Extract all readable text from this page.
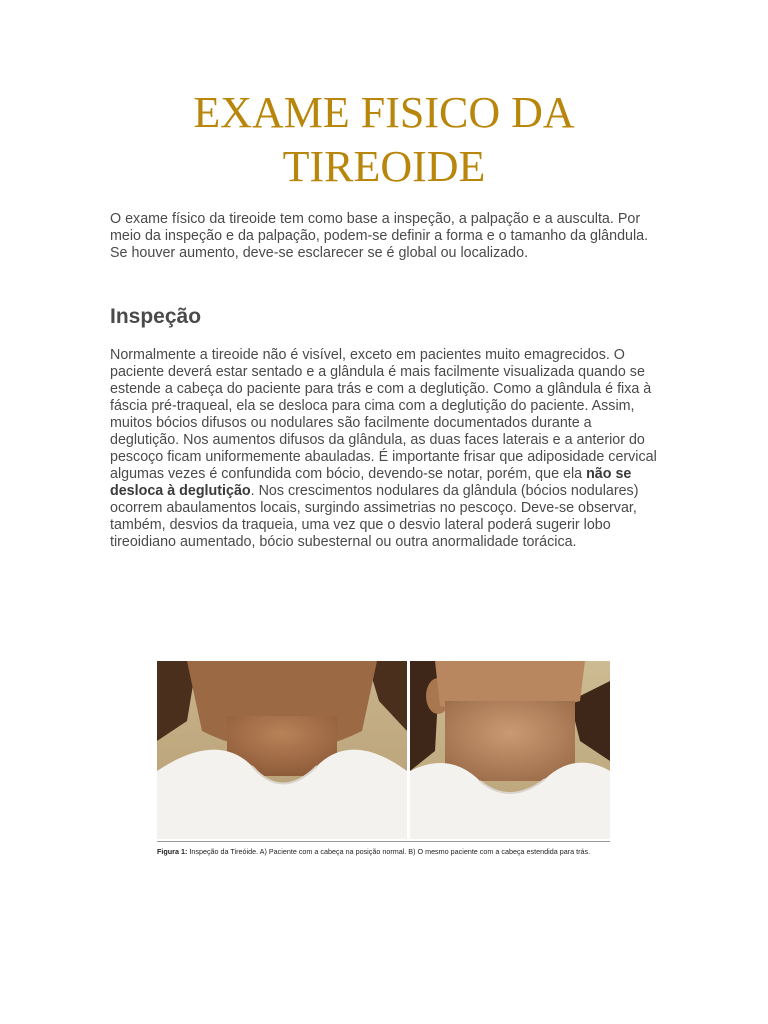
EXAME FISICO DA
TIREOIDE

O exame físico da tireoide tem como base a inspeção, a palpação e a ausculta. Por meio da inspeção e da palpação, podem-se definir a forma e o tamanho da glândula. Se houver aumento, deve-se esclarecer se é global ou localizado.

Inspeção

Normalmente a tireoide não é visível, exceto em pacientes muito emagrecidos. O paciente deverá estar sentado e a glândula é mais facilmente visualizada quando se estende a cabeça do paciente para trás e com a deglutição. Como a glândula é fixa à fáscia pré-traqueal, ela se desloca para cima com a deglutição do paciente. Assim, muitos bócios difusos ou nodulares são facilmente documentados durante a deglutição. Nos aumentos difusos da glândula, as duas faces laterais e a anterior do pescoço ficam uniformemente abauladas. É importante frisar que adiposidade cervical algumas vezes é confundida com bócio, devendo-se notar, porém, que ela não se desloca à deglutição. Nos crescimentos nodulares da glândula (bócios nodulares) ocorrem abaulamentos locais, surgindo assimetrias no pescoço. Deve-se observar, também, desvios da traqueia, uma vez que o desvio lateral poderá sugerir lobo tireoidiano aumentado, bócio subesternal ou outra anormalidade torácica.

Figura 1: Inspeção da Tireóide. A) Paciente com a cabeça na posição normal. B) O mesmo paciente com a cabeça estendida para trás.
